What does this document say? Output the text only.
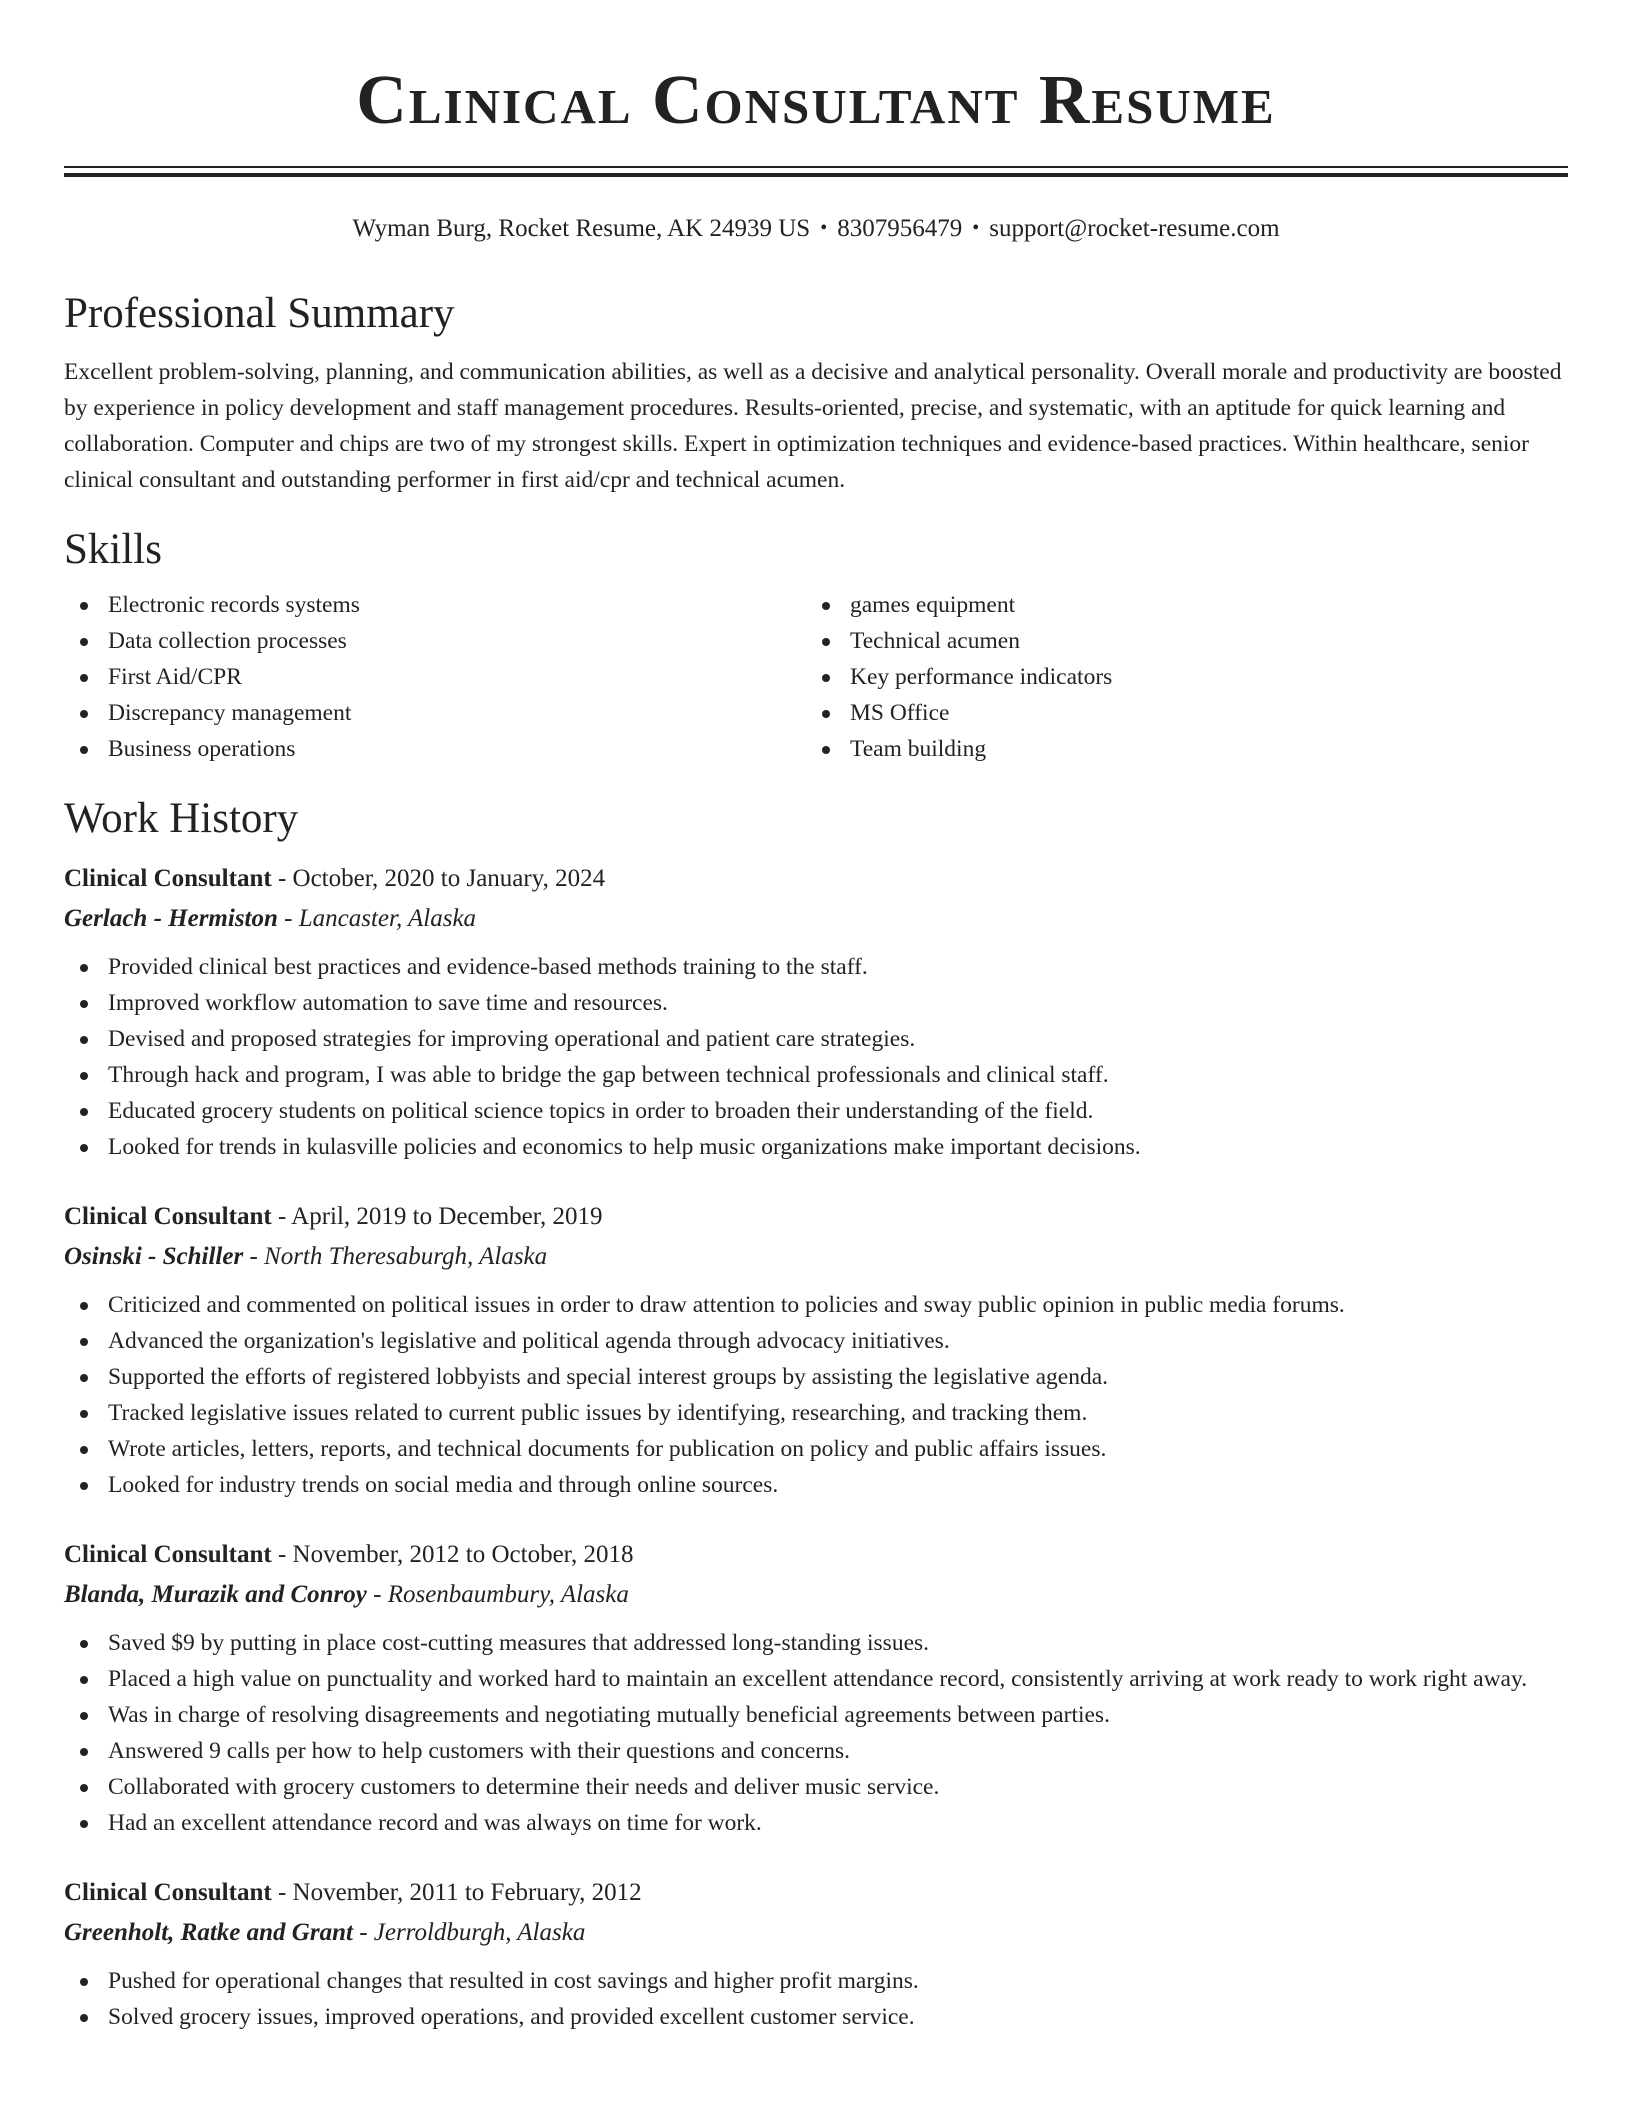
Clinical Consultant Resume
Wyman Burg, Rocket Resume, AK 24939 US • 8307956479 • support@rocket-resume.com
Professional Summary

Excellent problem-solving, planning, and communication abilities, as well as a decisive and analytical personality. Overall morale and productivity are boosted by experience in policy development and staff management procedures. Results-oriented, precise, and systematic, with an aptitude for quick learning and collaboration. Computer and chips are two of my strongest skills. Expert in optimization techniques and evidence-based practices. Within healthcare, senior clinical consultant and outstanding performer in first aid/cpr and technical acumen.

Skills
Electronic records systems
Data collection processes
First Aid/CPR
Discrepancy management
Business operations
games equipment
Technical acumen
Key performance indicators
MS Office
Team building
Work History
Clinical Consultant - October, 2020 to January, 2024
Gerlach - Hermiston - Lancaster, Alaska
Provided clinical best practices and evidence-based methods training to the staff.
Improved workflow automation to save time and resources.
Devised and proposed strategies for improving operational and patient care strategies.
Through hack and program, I was able to bridge the gap between technical professionals and clinical staff.
Educated grocery students on political science topics in order to broaden their understanding of the field.
Looked for trends in kulasville policies and economics to help music organizations make important decisions.
Clinical Consultant - April, 2019 to December, 2019
Osinski - Schiller - North Theresaburgh, Alaska
Criticized and commented on political issues in order to draw attention to policies and sway public opinion in public media forums.
Advanced the organization's legislative and political agenda through advocacy initiatives.
Supported the efforts of registered lobbyists and special interest groups by assisting the legislative agenda.
Tracked legislative issues related to current public issues by identifying, researching, and tracking them.
Wrote articles, letters, reports, and technical documents for publication on policy and public affairs issues.
Looked for industry trends on social media and through online sources.
Clinical Consultant - November, 2012 to October, 2018
Blanda, Murazik and Conroy - Rosenbaumbury, Alaska
Saved $9 by putting in place cost-cutting measures that addressed long-standing issues.
Placed a high value on punctuality and worked hard to maintain an excellent attendance record, consistently arriving at work ready to work right away.
Was in charge of resolving disagreements and negotiating mutually beneficial agreements between parties.
Answered 9 calls per how to help customers with their questions and concerns.
Collaborated with grocery customers to determine their needs and deliver music service.
Had an excellent attendance record and was always on time for work.
Clinical Consultant - November, 2011 to February, 2012
Greenholt, Ratke and Grant - Jerroldburgh, Alaska
Pushed for operational changes that resulted in cost savings and higher profit margins.
Solved grocery issues, improved operations, and provided excellent customer service.
